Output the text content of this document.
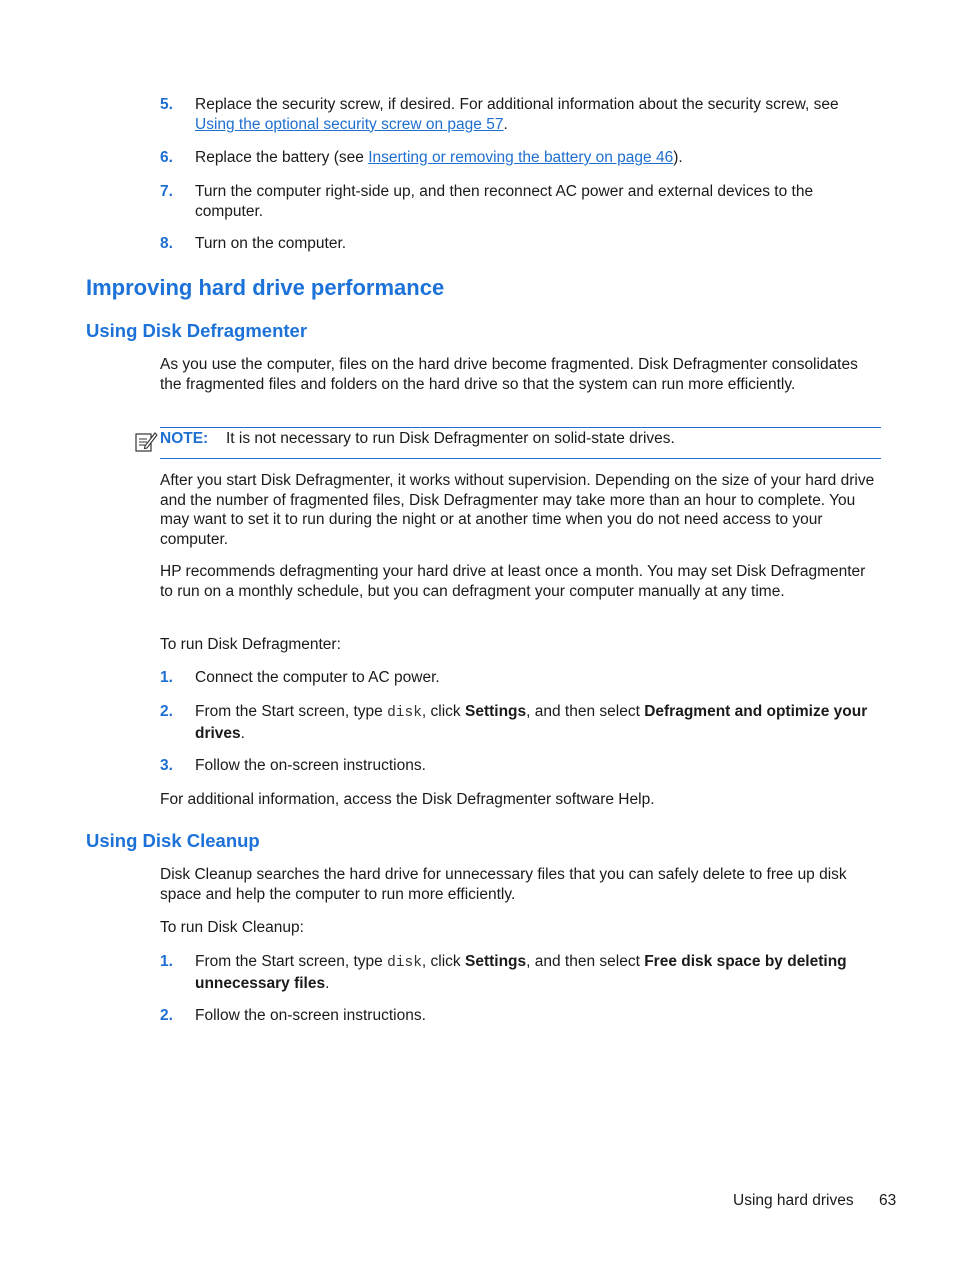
5. Replace the security screw, if desired. For additional information about the security screw, see Using the optional security screw on page 57.
6. Replace the battery (see Inserting or removing the battery on page 46).
7. Turn the computer right-side up, and then reconnect AC power and external devices to the computer.
8. Turn on the computer.
Improving hard drive performance
Using Disk Defragmenter
As you use the computer, files on the hard drive become fragmented. Disk Defragmenter consolidates the fragmented files and folders on the hard drive so that the system can run more efficiently.
NOTE: It is not necessary to run Disk Defragmenter on solid-state drives.
After you start Disk Defragmenter, it works without supervision. Depending on the size of your hard drive and the number of fragmented files, Disk Defragmenter may take more than an hour to complete. You may want to set it to run during the night or at another time when you do not need access to your computer.
HP recommends defragmenting your hard drive at least once a month. You may set Disk Defragmenter to run on a monthly schedule, but you can defragment your computer manually at any time.
To run Disk Defragmenter:
1. Connect the computer to AC power.
2. From the Start screen, type disk, click Settings, and then select Defragment and optimize your drives.
3. Follow the on-screen instructions.
For additional information, access the Disk Defragmenter software Help.
Using Disk Cleanup
Disk Cleanup searches the hard drive for unnecessary files that you can safely delete to free up disk space and help the computer to run more efficiently.
To run Disk Cleanup:
1. From the Start screen, type disk, click Settings, and then select Free disk space by deleting unnecessary files.
2. Follow the on-screen instructions.
Using hard drives 63
